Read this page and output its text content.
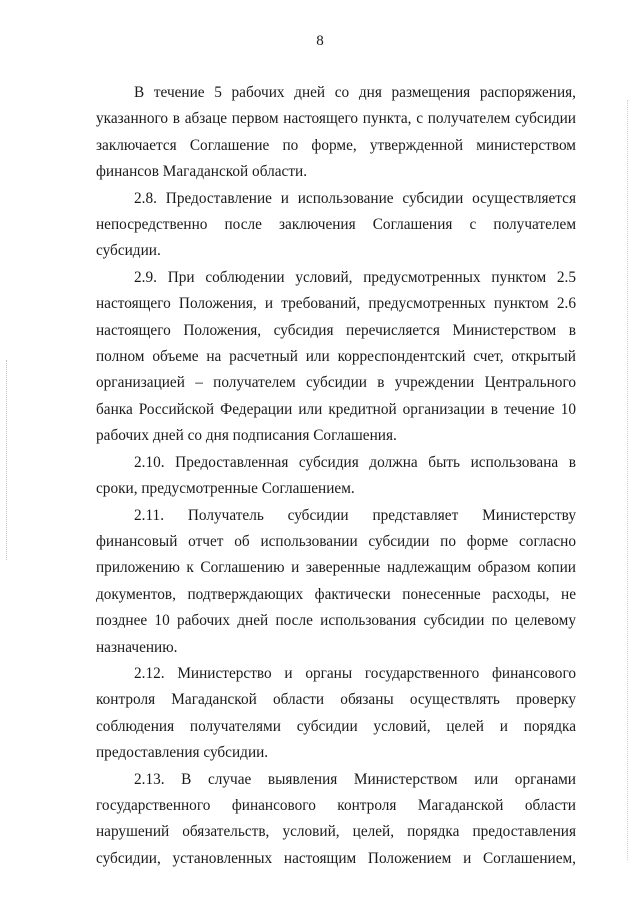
8

В течение 5 рабочих дней со дня размещения распоряжения, указанного в абзаце первом настоящего пункта, с получателем субсидии заключается Соглашение по форме, утвержденной министерством финансов Магаданской области.

2.8. Предоставление и использование субсидии осуществляется непосредственно после заключения Соглашения с получателем субсидии.

2.9. При соблюдении условий, предусмотренных пунктом 2.5 настоящего Положения, и требований, предусмотренных пунктом 2.6 настоящего Положения, субсидия перечисляется Министерством в полном объеме на расчетный или корреспондентский счет, открытый организацией – получателем субсидии в учреждении Центрального банка Российской Федерации или кредитной организации в течение 10 рабочих дней со дня подписания Соглашения.

2.10. Предоставленная субсидия должна быть использована в сроки, предусмотренные Соглашением.

2.11. Получатель субсидии представляет Министерству финансовый отчет об использовании субсидии по форме согласно приложению к Соглашению и заверенные надлежащим образом копии документов, подтверждающих фактически понесенные расходы, не позднее 10 рабочих дней после использования субсидии по целевому назначению.

2.12. Министерство и органы государственного финансового контроля Магаданской области обязаны осуществлять проверку соблюдения получателями субсидии условий, целей и порядка предоставления субсидии.

2.13. В случае выявления Министерством или органами государственного финансового контроля Магаданской области нарушений обязательств, условий, целей, порядка предоставления субсидии, установленных настоящим Положением и Соглашением,
